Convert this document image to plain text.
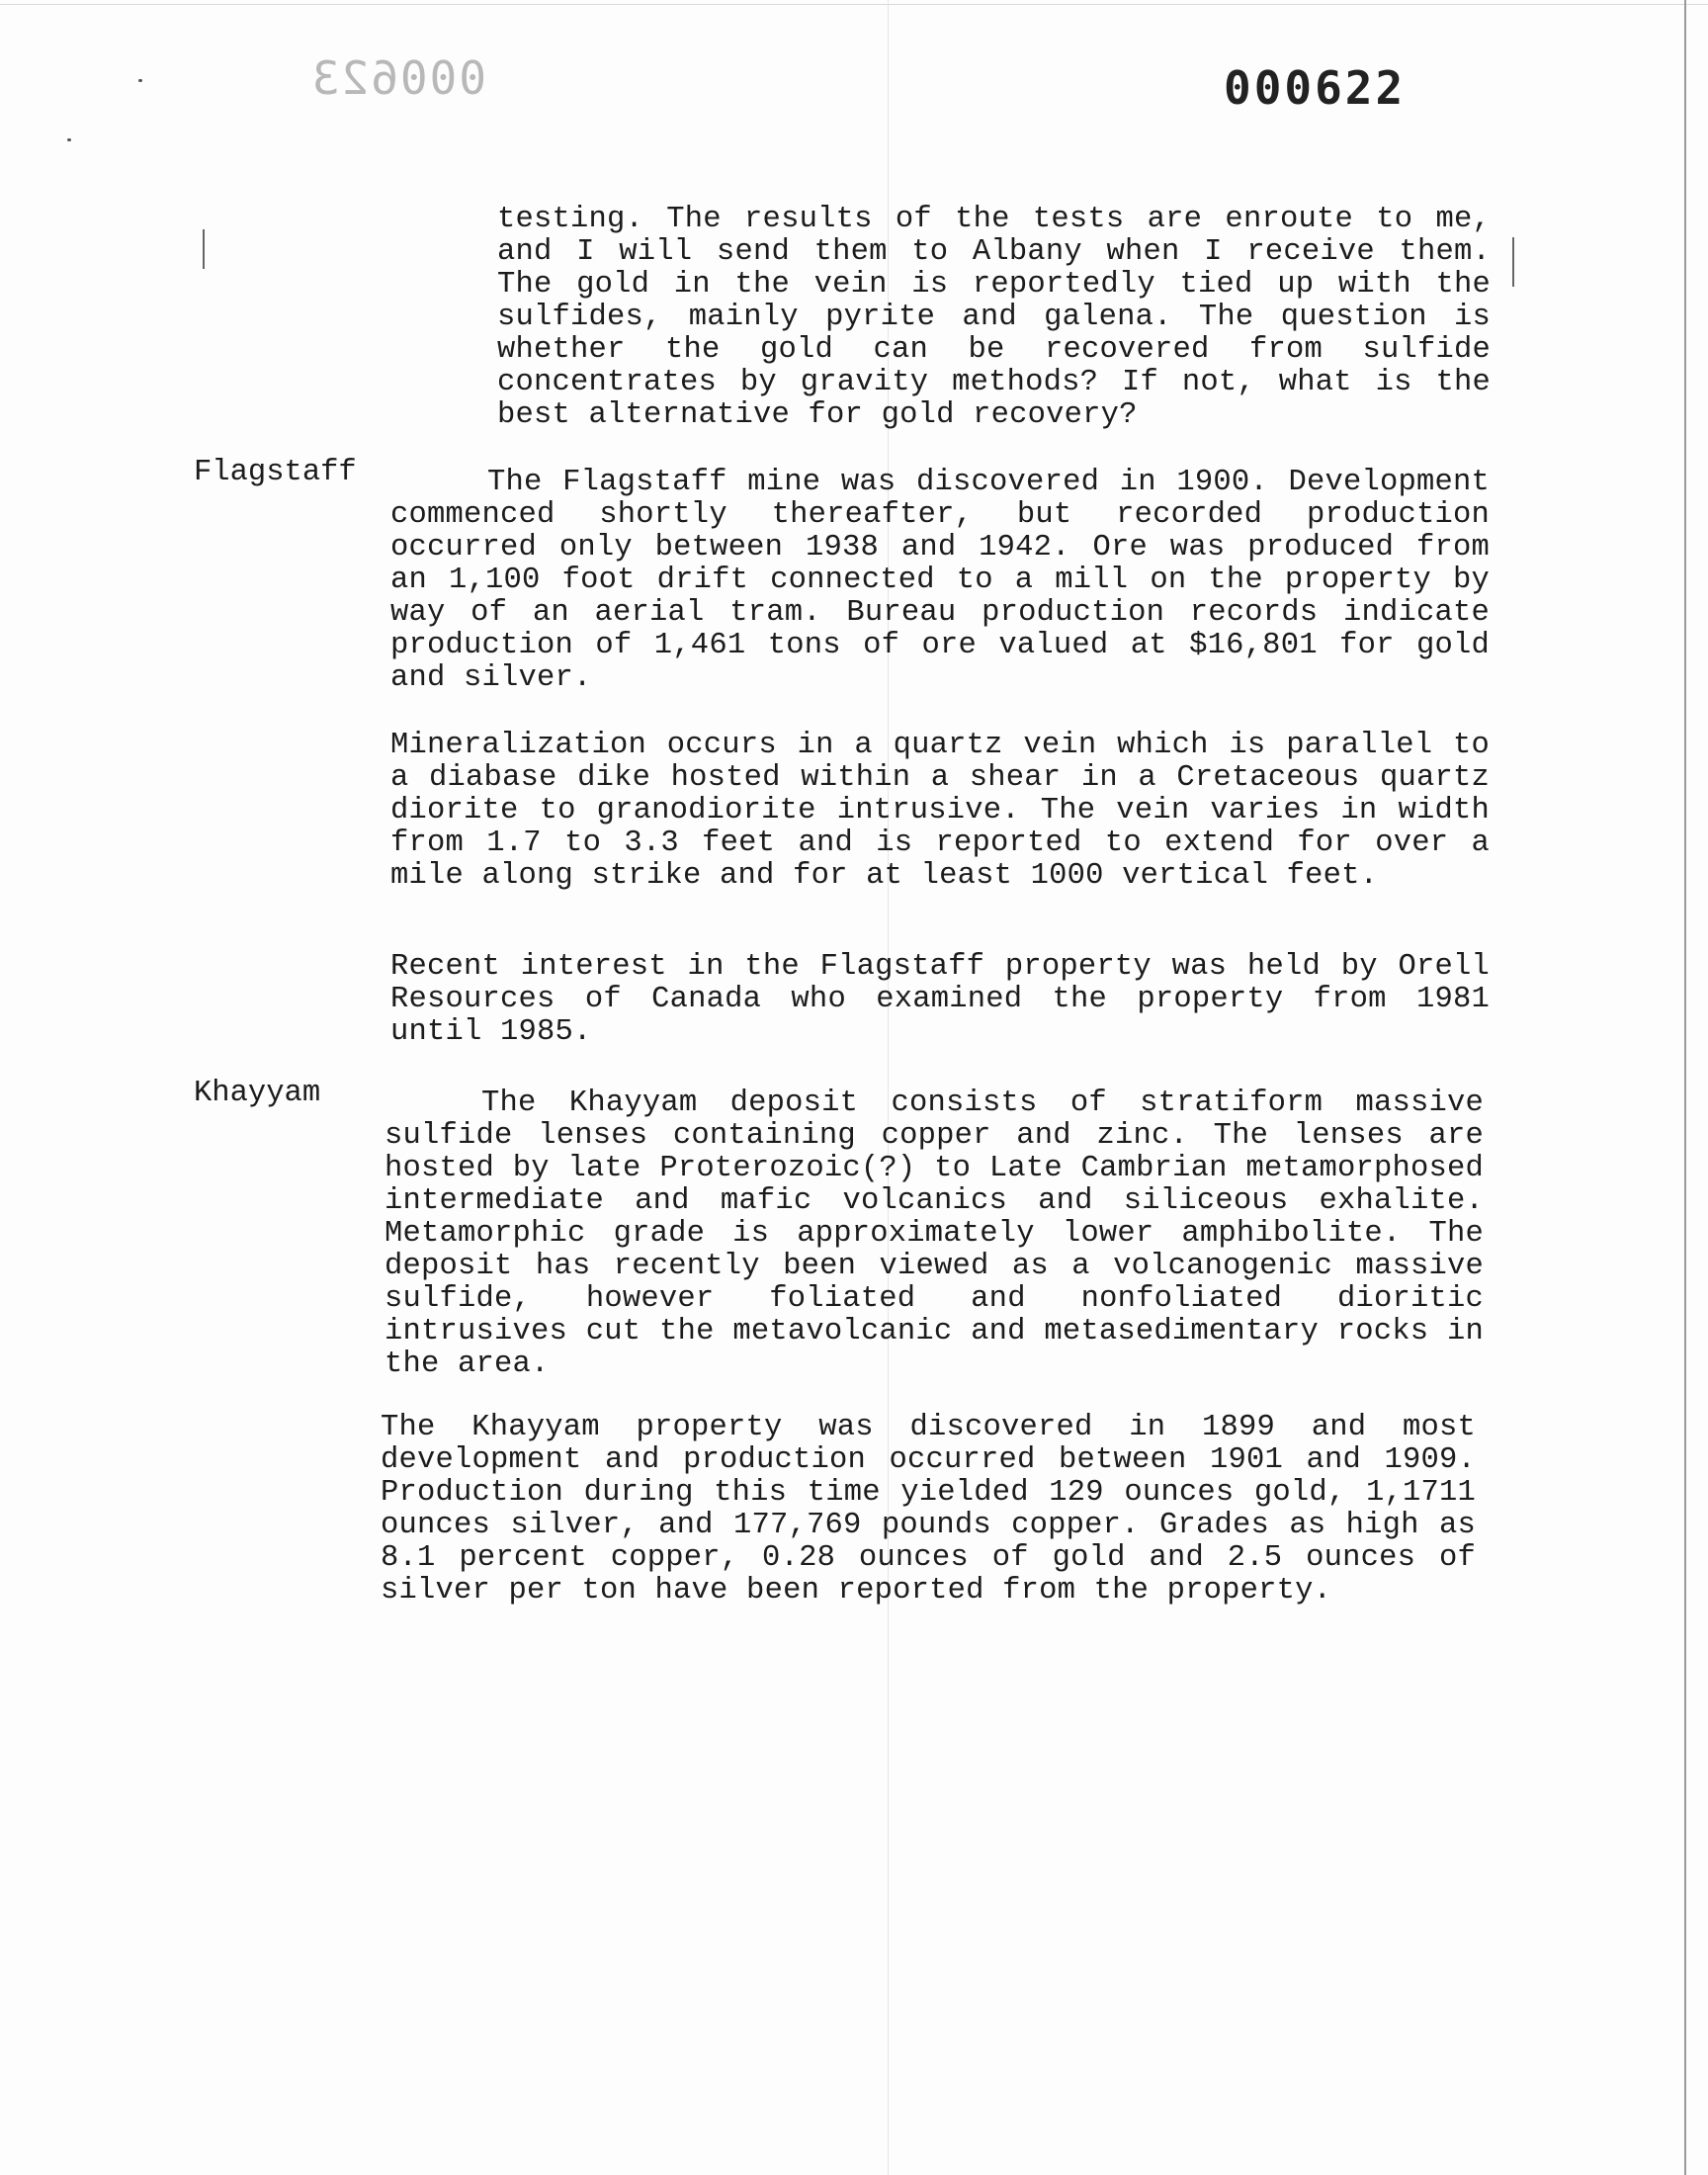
000623	000622
testing. The results of the tests are enroute to me, and I will send them to Albany when I receive them. The gold in the vein is reportedly tied up with the sulfides, mainly pyrite and galena. The question is whether the gold can be recovered from sulfide concentrates by gravity methods? If not, what is the best alternative for gold recovery?
Flagstaff	The Flagstaff mine was discovered in 1900. Development commenced shortly thereafter, but recorded production occurred only between 1938 and 1942. Ore was produced from an 1,100 foot drift connected to a mill on the property by way of an aerial tram. Bureau production records indicate production of 1,461 tons of ore valued at $16,801 for gold and silver.
Mineralization occurs in a quartz vein which is parallel to a diabase dike hosted within a shear in a Cretaceous quartz diorite to granodiorite intrusive. The vein varies in width from 1.7 to 3.3 feet and is reported to extend for over a mile along strike and for at least 1000 vertical feet.
Recent interest in the Flagstaff property was held by Orell Resources of Canada who examined the property from 1981 until 1985.
Khayyam	The Khayyam deposit consists of stratiform massive sulfide lenses containing copper and zinc. The lenses are hosted by late Proterozoic(?) to Late Cambrian metamorphosed intermediate and mafic volcanics and siliceous exhalite. Metamorphic grade is approximately lower amphibolite. The deposit has recently been viewed as a volcanogenic massive sulfide, however foliated and nonfoliated dioritic intrusives cut the metavolcanic and metasedimentary rocks in the area.
The Khayyam property was discovered in 1899 and most development and production occurred between 1901 and 1909. Production during this time yielded 129 ounces gold, 1,1711 ounces silver, and 177,769 pounds copper. Grades as high as 8.1 percent copper, 0.28 ounces of gold and 2.5 ounces of silver per ton have been reported from the property.
